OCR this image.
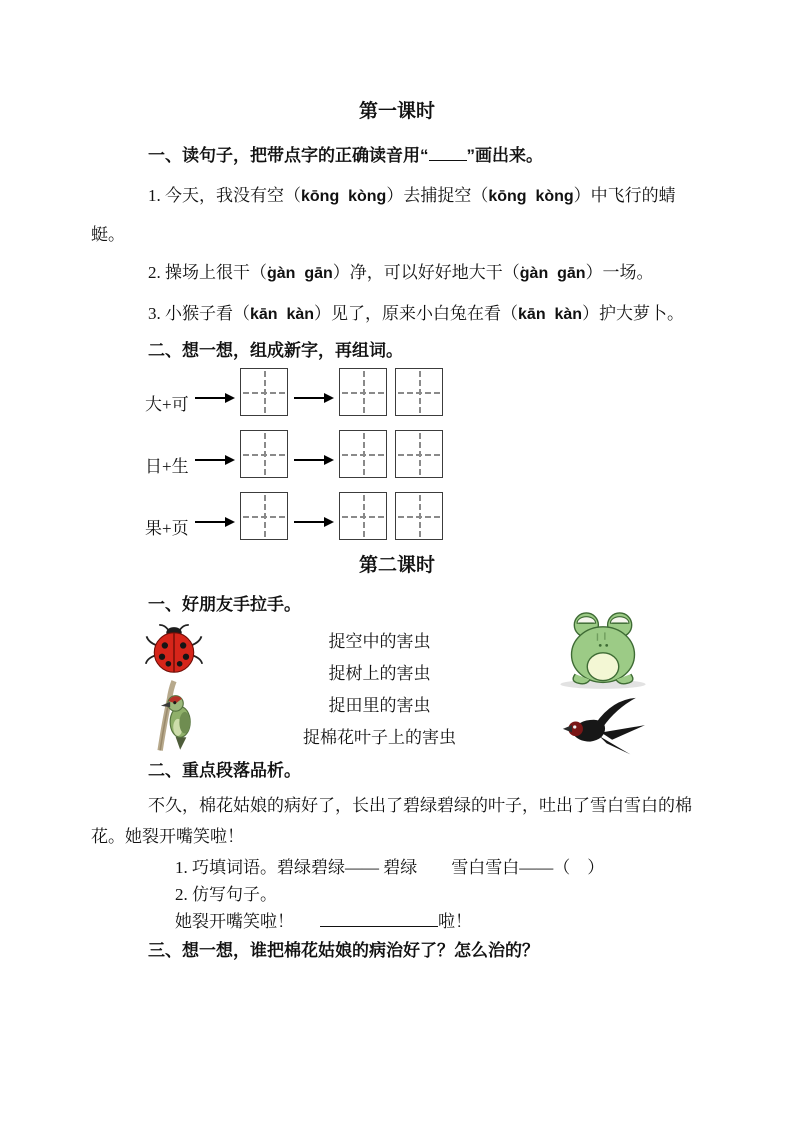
第一课时

一、读句子，把带点字的正确读音用“ ”画出来。

1. 今天，我没有空（kōng  kòng）去捕捉空（kōng  kòng）中飞行的蜻蜓。

2. 操场上很干（gàn  gān）净，可以好好地大干（gàn  gān）一场。

3. 小猴子看（kān  kàn）见了，原来小白兔在看（kān  kàn）护大萝卜。

二、想一想，组成新字，再组词。

大+可
日+生
果+页
第二课时

一、好朋友手拉手。

捉空中的害虫
捉树上的害虫
捉田里的害虫
捉棉花叶子上的害虫

二、重点段落品析。

不久，棉花姑娘的病好了，长出了碧绿碧绿的叶子，吐出了雪白雪白的棉花。她裂开嘴笑啦！

1. 巧填词语。碧绿碧绿—— 碧绿　　雪白雪白——（　）

2. 仿写句子。

她裂开嘴笑啦！	啦！

三、想一想，谁把棉花姑娘的病治好了？怎么治的？
